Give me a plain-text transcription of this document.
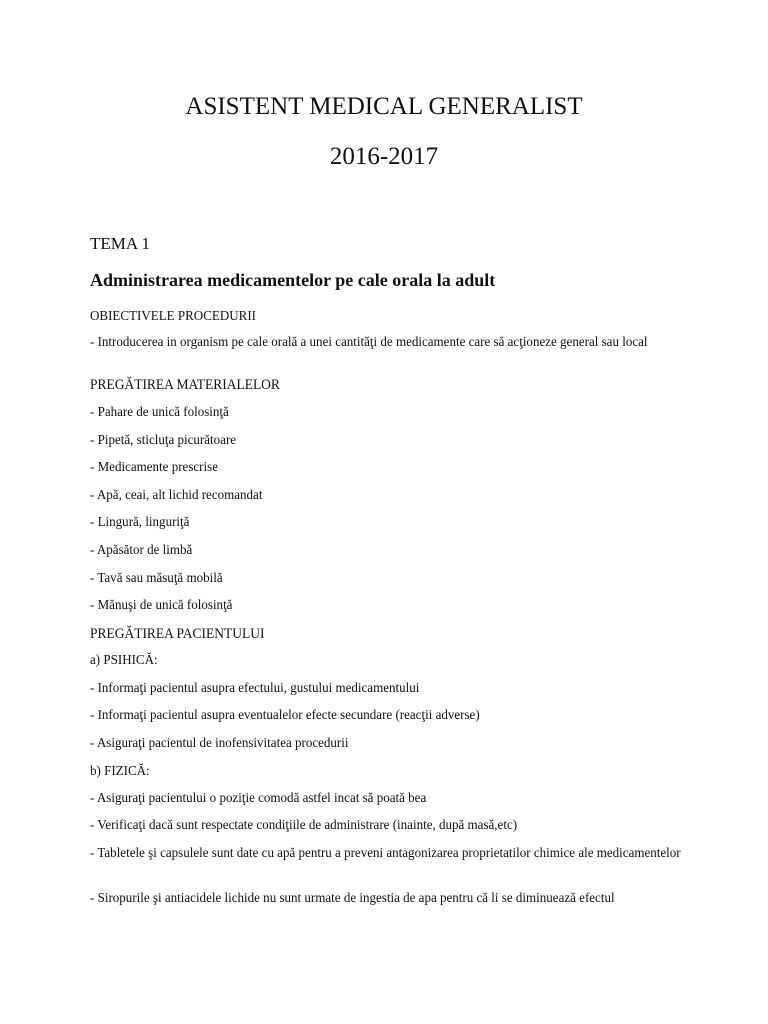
ASISTENT MEDICAL GENERALIST
2016-2017
TEMA 1
Administrarea medicamentelor pe cale orala la adult
OBIECTIVELE PROCEDURII
- Introducerea in organism pe cale orală a unei cantităţi de medicamente care să acţioneze general sau local
PREGĂTIREA MATERIALELOR
- Pahare de unică folosinţă
- Pipetă, sticluţa picurătoare
- Medicamente prescrise
- Apă, ceai, alt lichid recomandat
- Lingură, linguriţă
- Apăsător de limbă
- Tavă sau măsuţă mobilă
- Mănuşi de unică folosinţă
PREGĂTIREA PACIENTULUI
a) PSIHICĂ:
- Informaţi pacientul asupra efectului, gustului medicamentului
- Informaţi pacientul asupra eventualelor efecte secundare (reacţii adverse)
- Asiguraţi pacientul de inofensivitatea procedurii
b) FIZICĂ:
- Asiguraţi pacientului o poziţie comodă astfel incat să poată bea
- Verificaţi dacă sunt respectate condiţiile de administrare (inainte, după masă,etc)
- Tabletele şi capsulele sunt date cu apă pentru a preveni antagonizarea proprietatilor chimice ale medicamentelor
- Siropurile şi antiacidele lichide nu sunt urmate de ingestia de apa pentru că li se diminuează efectul
